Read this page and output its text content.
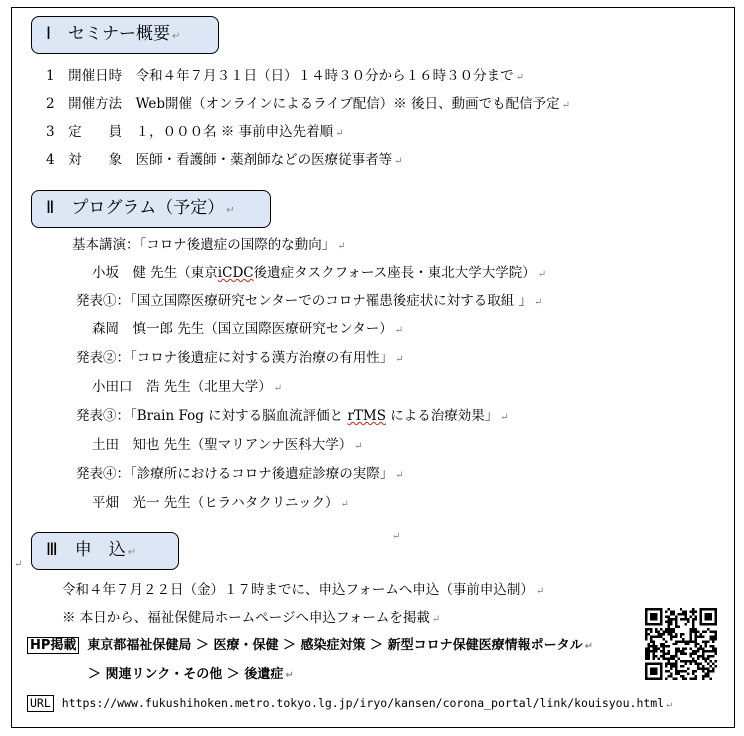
Ⅰ　セミナー概要 ↵
1　 開催日時　令和４年７月３１日（日）１４時３０分から１６時３０分まで ↵
2　 開催方法　Web開催（オンラインによるライブ配信）※ 後日、動画でも配信予定 ↵
3　 定　　員　１，０００名 ※ 事前申込先着順 ↵
4　 対　　象　医師・看護師・薬剤師などの医療従事者等 ↵
Ⅱ　プログラム（予定） ↵
基本講演：「コロナ後遺症の国際的な動向」 ↵
小坂　健 先生（東京iCDC後遺症タスクフォース座長・東北大学大学院） ↵
発表①：「国立国際医療研究センターでのコロナ罹患後症状に対する取組 」 ↵
森岡　慎一郎 先生（国立国際医療研究センター） ↵
発表②：「コロナ後遺症に対する漢方治療の有用性」 ↵
小田口　浩 先生（北里大学） ↵
発表③：「Brain Fog に対する脳血流評価と rTMS による治療効果」 ↵
土田　知也 先生（聖マリアンナ医科大学） ↵
発表④：「診療所におけるコロナ後遺症診療の実際」 ↵
平畑　光一 先生（ヒラハタクリニック） ↵
↵
Ⅲ　申　込 ↵
↵
令和４年７月２２日（金）１７時までに、申込フォームへ申込（事前申込制） ↵
※ 本日から、福祉保健局ホームページへ申込フォームを掲載 ↵
HP掲載 東京都福祉保健局 ＞ 医療・保健 ＞ 感染症対策 ＞ 新型コロナ保健医療情報ポータル ↵
＞ 関連リンク・その他 ＞ 後遺症 ↵
URL https://www.fukushihoken.metro.tokyo.lg.jp/iryo/kansen/corona_portal/link/kouisyou.html ↵
